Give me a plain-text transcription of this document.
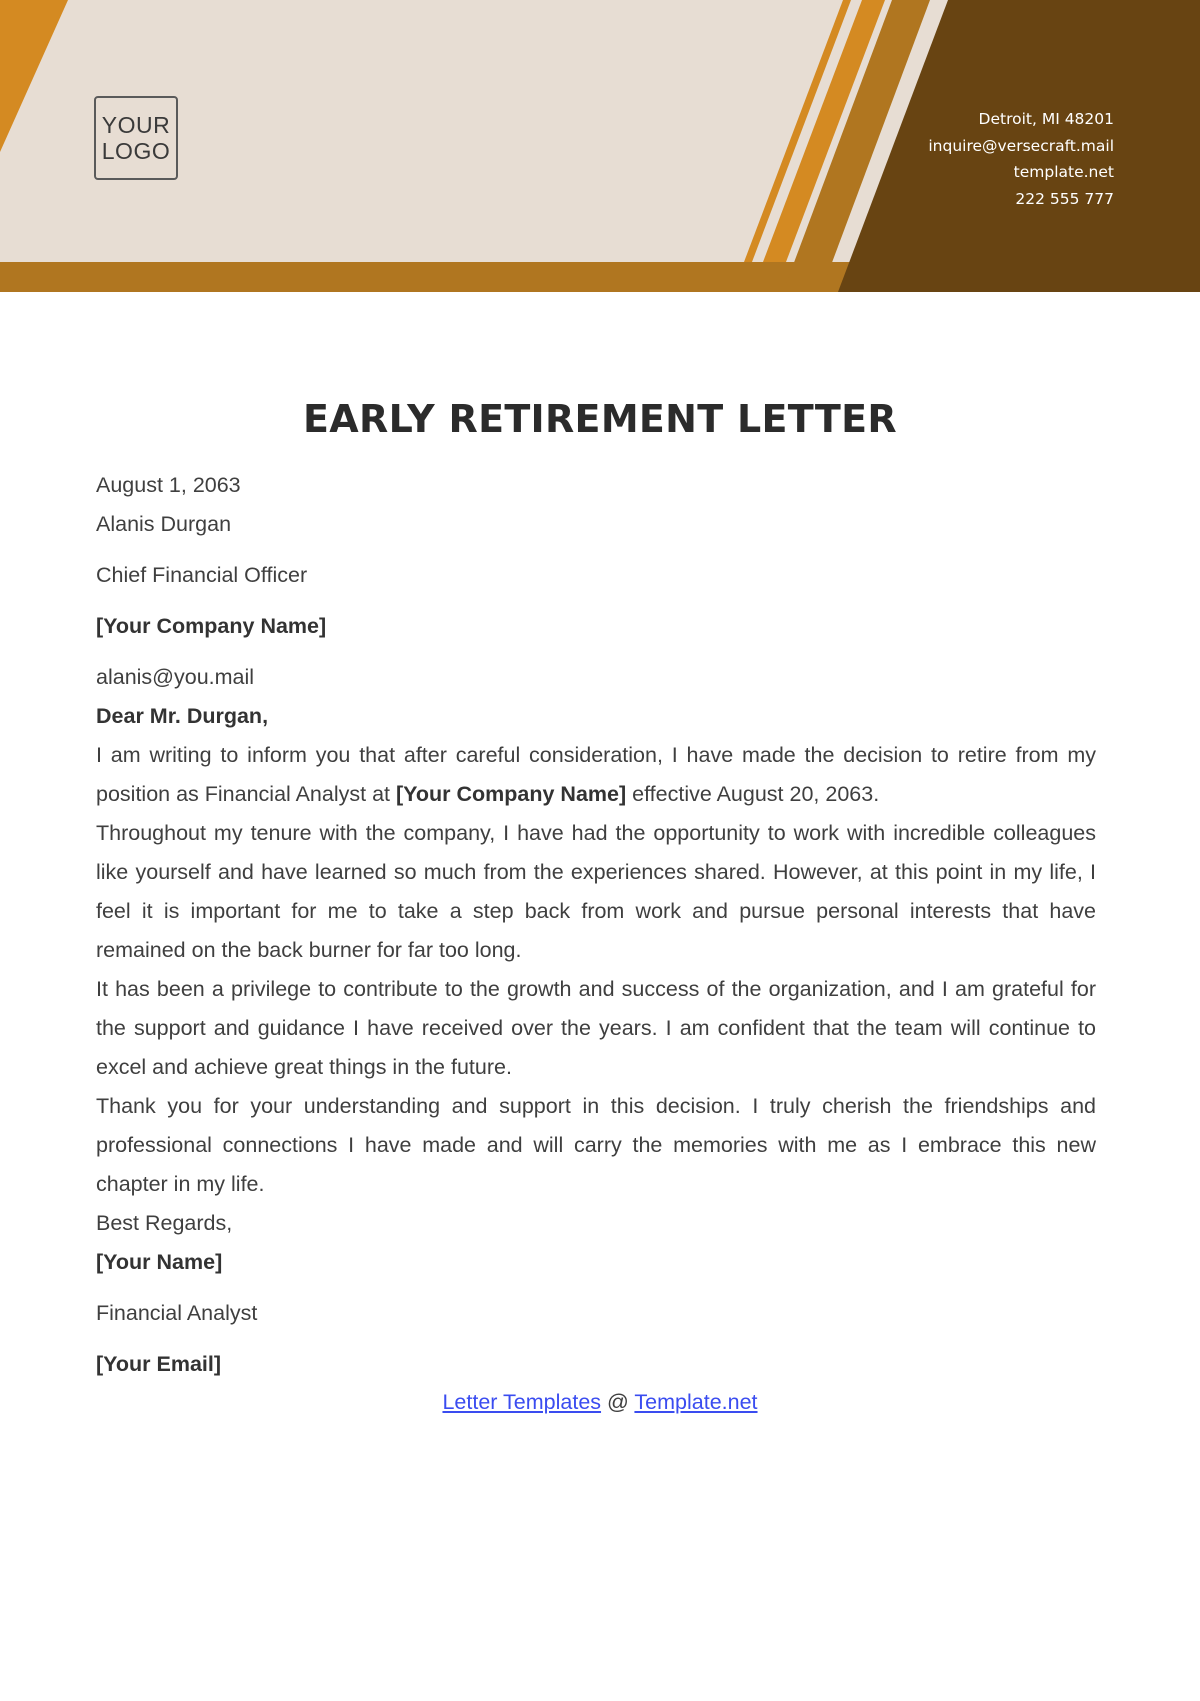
YOUR
LOGO
Detroit, MI 48201
inquire@versecraft.mail
template.net
222 555 777
EARLY RETIREMENT LETTER
August 1, 2063
Alanis Durgan
Chief Financial Officer
[Your Company Name]
alanis@you.mail
Dear Mr. Durgan,
I am writing to inform you that after careful consideration, I have made the decision to retire from my position as Financial Analyst at [Your Company Name] effective August 20, 2063.
Throughout my tenure with the company, I have had the opportunity to work with incredible colleagues like yourself and have learned so much from the experiences shared. However, at this point in my life, I feel it is important for me to take a step back from work and pursue personal interests that have remained on the back burner for far too long.
It has been a privilege to contribute to the growth and success of the organization, and I am grateful for the support and guidance I have received over the years. I am confident that the team will continue to excel and achieve great things in the future.
Thank you for your understanding and support in this decision. I truly cherish the friendships and professional connections I have made and will carry the memories with me as I embrace this new chapter in my life.
Best Regards,
[Your Name]
Financial Analyst
[Your Email]
Letter Templates @ Template.net
